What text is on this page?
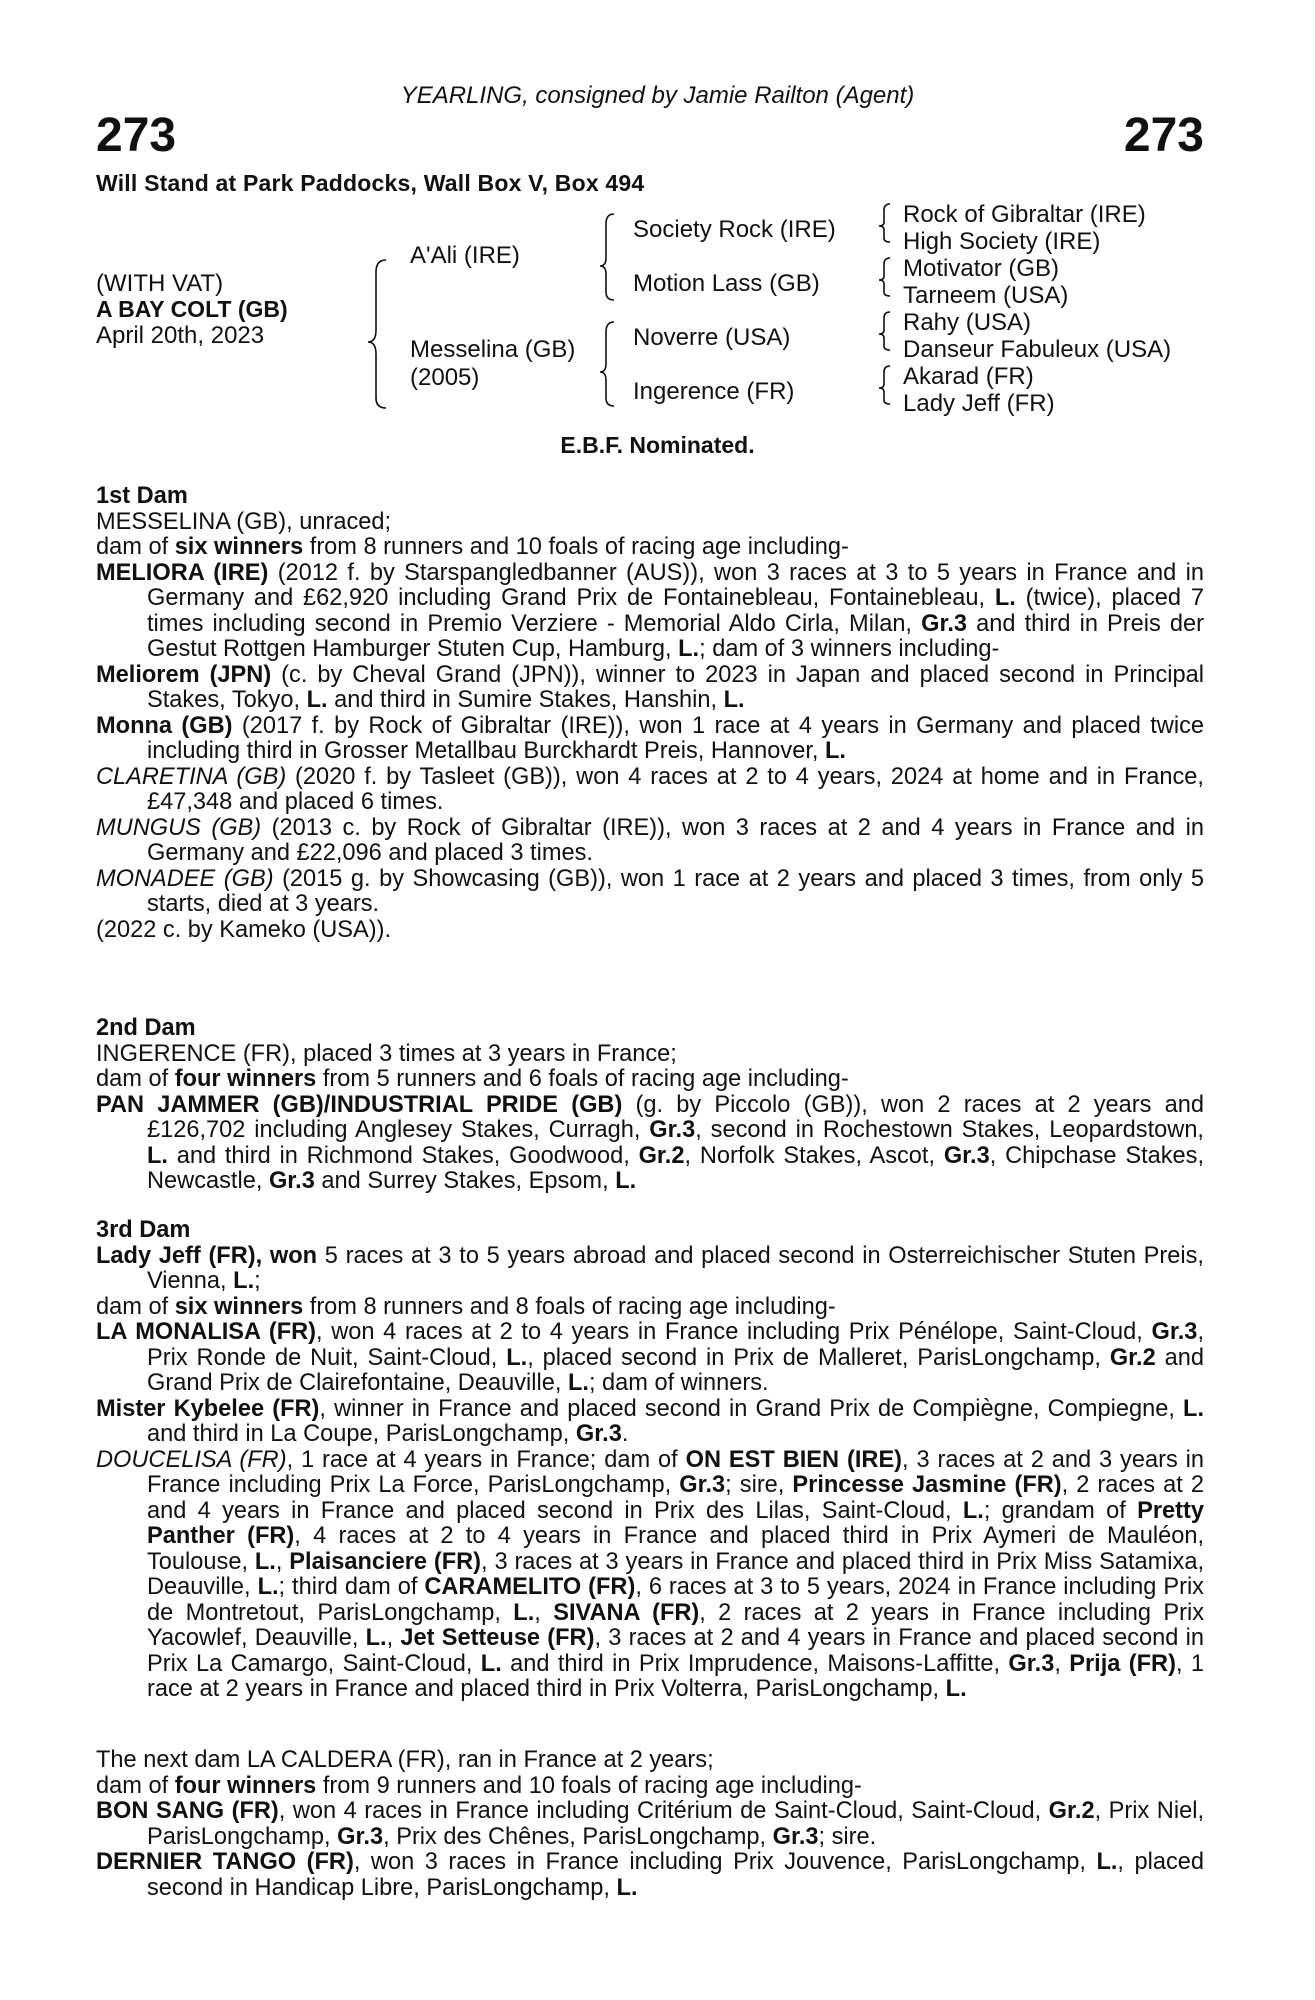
273	273
YEARLING, consigned by Jamie Railton (Agent)
Will Stand at Park Paddocks, Wall Box V, Box 494
(WITH VAT)
A BAY COLT (GB)
April 20th, 2023
A'Ali (IRE)
Messelina (GB)
(2005)
Society Rock (IRE)
Motion Lass (GB)
Noverre (USA)
Ingerence (FR)
Rock of Gibraltar (IRE)
High Society (IRE)
Motivator (GB)
Tarneem (USA)
Rahy (USA)
Danseur Fabuleux (USA)
Akarad (FR)
Lady Jeff (FR)
E.B.F. Nominated.

1st Dam

MESSELINA (GB), unraced;

dam of six winners from 8 runners and 10 foals of racing age including-

MELIORA (IRE) (2012 f. by Starspangledbanner (AUS)), won 3 races at 3 to 5 years in France and in Germany and £62,920 including Grand Prix de Fontainebleau, Fontainebleau, L. (twice), placed 7 times including second in Premio Verziere - Memorial Aldo Cirla, Milan, Gr.3 and third in Preis der Gestut Rottgen Hamburger Stuten Cup, Hamburg, L.; dam of 3 winners including-

Meliorem (JPN) (c. by Cheval Grand (JPN)), winner to 2023 in Japan and placed second in Principal Stakes, Tokyo, L. and third in Sumire Stakes, Hanshin, L.

Monna (GB) (2017 f. by Rock of Gibraltar (IRE)), won 1 race at 4 years in Germany and placed twice including third in Grosser Metallbau Burckhardt Preis, Hannover, L.

CLARETINA (GB) (2020 f. by Tasleet (GB)), won 4 races at 2 to 4 years, 2024 at home and in France, £47,348 and placed 6 times.

MUNGUS (GB) (2013 c. by Rock of Gibraltar (IRE)), won 3 races at 2 and 4 years in France and in Germany and £22,096 and placed 3 times.

MONADEE (GB) (2015 g. by Showcasing (GB)), won 1 race at 2 years and placed 3 times, from only 5 starts, died at 3 years.

(2022 c. by Kameko (USA)).

2nd Dam

INGERENCE (FR), placed 3 times at 3 years in France;

dam of four winners from 5 runners and 6 foals of racing age including-

PAN JAMMER (GB)/INDUSTRIAL PRIDE (GB) (g. by Piccolo (GB)), won 2 races at 2 years and £126,702 including Anglesey Stakes, Curragh, Gr.3, second in Rochestown Stakes, Leopardstown, L. and third in Richmond Stakes, Goodwood, Gr.2, Norfolk Stakes, Ascot, Gr.3, Chipchase Stakes, Newcastle, Gr.3 and Surrey Stakes, Epsom, L.

3rd Dam

Lady Jeff (FR), won 5 races at 3 to 5 years abroad and placed second in Osterreichischer Stuten Preis, Vienna, L.;

dam of six winners from 8 runners and 8 foals of racing age including-

LA MONALISA (FR), won 4 races at 2 to 4 years in France including Prix Pénélope, Saint-Cloud, Gr.3, Prix Ronde de Nuit, Saint-Cloud, L., placed second in Prix de Malleret, ParisLongchamp, Gr.2 and Grand Prix de Clairefontaine, Deauville, L.; dam of winners.

Mister Kybelee (FR), winner in France and placed second in Grand Prix de Compiègne, Compiegne, L. and third in La Coupe, ParisLongchamp, Gr.3.

DOUCELISA (FR), 1 race at 4 years in France; dam of ON EST BIEN (IRE), 3 races at 2 and 3 years in France including Prix La Force, ParisLongchamp, Gr.3; sire, Princesse Jasmine (FR), 2 races at 2 and 4 years in France and placed second in Prix des Lilas, Saint-Cloud, L.; grandam of Pretty Panther (FR), 4 races at 2 to 4 years in France and placed third in Prix Aymeri de Mauléon, Toulouse, L., Plaisanciere (FR), 3 races at 3 years in France and placed third in Prix Miss Satamixa, Deauville, L.; third dam of CARAMELITO (FR), 6 races at 3 to 5 years, 2024 in France including Prix de Montretout, ParisLongchamp, L., SIVANA (FR), 2 races at 2 years in France including Prix Yacowlef, Deauville, L., Jet Setteuse (FR), 3 races at 2 and 4 years in France and placed second in Prix La Camargo, Saint-Cloud, L. and third in Prix Imprudence, Maisons-Laffitte, Gr.3, Prija (FR), 1 race at 2 years in France and placed third in Prix Volterra, ParisLongchamp, L.

The next dam LA CALDERA (FR), ran in France at 2 years;

dam of four winners from 9 runners and 10 foals of racing age including-

BON SANG (FR), won 4 races in France including Critérium de Saint-Cloud, Saint-Cloud, Gr.2, Prix Niel, ParisLongchamp, Gr.3, Prix des Chênes, ParisLongchamp, Gr.3; sire.

DERNIER TANGO (FR), won 3 races in France including Prix Jouvence, ParisLongchamp, L., placed second in Handicap Libre, ParisLongchamp, L.
